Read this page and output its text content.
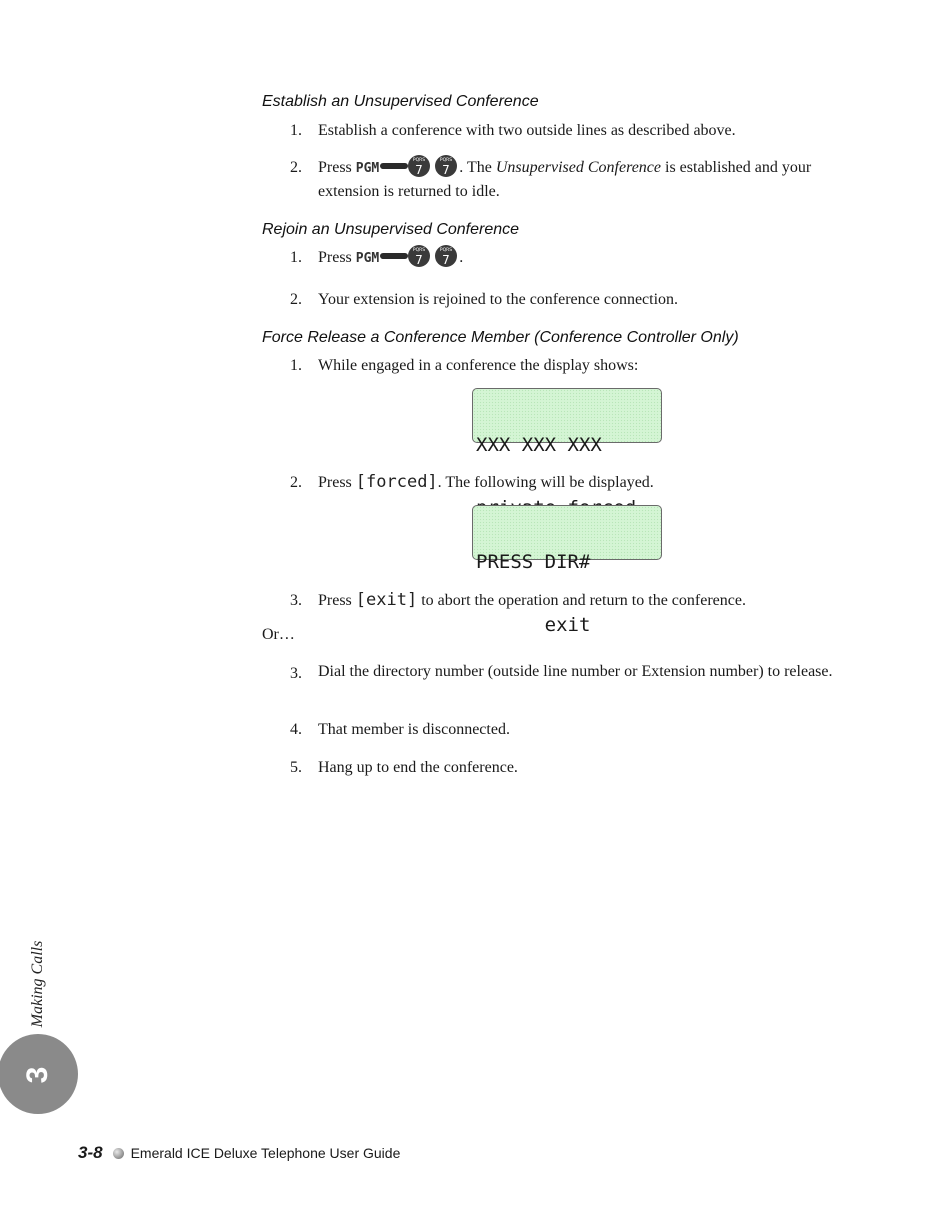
Establish an Unsupervised Conference
1. Establish a conference with two outside lines as described above.
2. Press PGM
PQRS	PQRS
7 7 . The Unsupervised Conference is established and your extension is returned to idle.
Rejoin an Unsupervised Conference
1. Press PGM
PQRS	PQRS
7 7 .
2. Your extension is rejoined to the conference connection.
Force Release a Conference Member (Conference Controller Only)
1. While engaged in a conference the display shows:

XXX XXX XXX

2. Press [forced]. The following will be displayed.

PRESS DIR#

exit

3. Press [exit] to abort the operation and return to the conference.
Or…
3. Dial the directory number (outside line number or Extension number) to release.
4. That member is disconnected.
5. Hang up to end the conference.
Making Calls
3
3-8 Emerald ICE Deluxe Telephone User Guide
